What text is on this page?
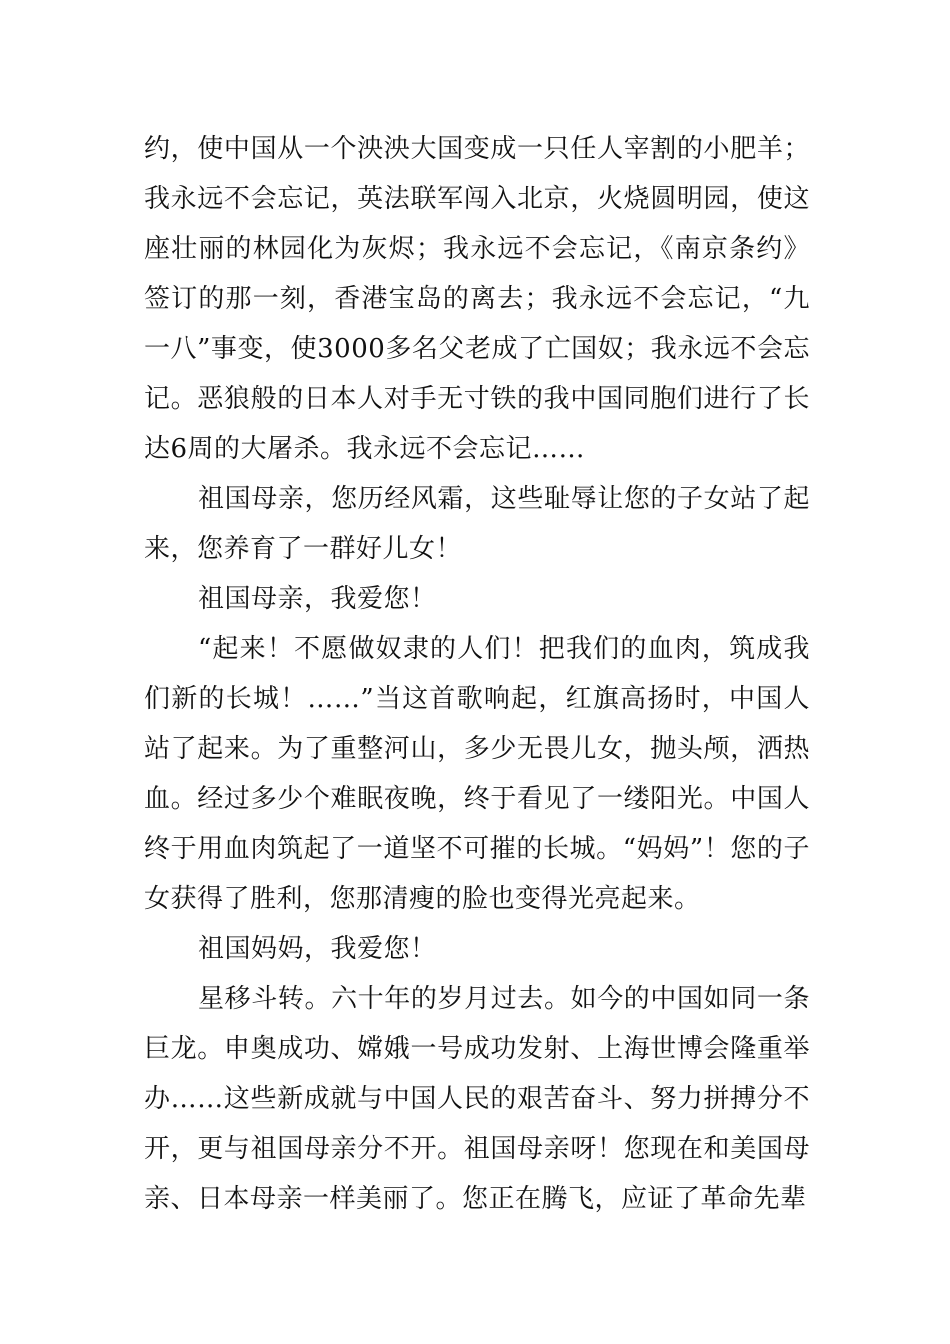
约，使中国从一个泱泱大国变成一只任人宰割的小肥羊；我永远不会忘记，英法联军闯入北京，火烧圆明园，使这座壮丽的林园化为灰烬；我永远不会忘记，《南京条约》签订的那一刻，香港宝岛的离去；我永远不会忘记，“九一八”事变，使3000多名父老成了亡国奴；我永远不会忘记。恶狼般的日本人对手无寸铁的我中国同胞们进行了长达6周的大屠杀。我永远不会忘记……

祖国母亲，您历经风霜，这些耻辱让您的子女站了起来，您养育了一群好儿女！

祖国母亲，我爱您！

“起来！不愿做奴隶的人们！把我们的血肉，筑成我们新的长城！……”当这首歌响起，红旗高扬时，中国人站了起来。为了重整河山，多少无畏儿女，抛头颅，洒热血。经过多少个难眠夜晚，终于看见了一缕阳光。中国人终于用血肉筑起了一道坚不可摧的长城。“妈妈”！您的子女获得了胜利，您那清瘦的脸也变得光亮起来。

祖国妈妈，我爱您！

星移斗转。六十年的岁月过去。如今的中国如同一条巨龙。申奥成功、嫦娥一号成功发射、上海世博会隆重举办……这些新成就与中国人民的艰苦奋斗、努力拼搏分不开，更与祖国母亲分不开。祖国母亲呀！您现在和美国母亲、日本母亲一样美丽了。您正在腾飞，应证了革命先辈
